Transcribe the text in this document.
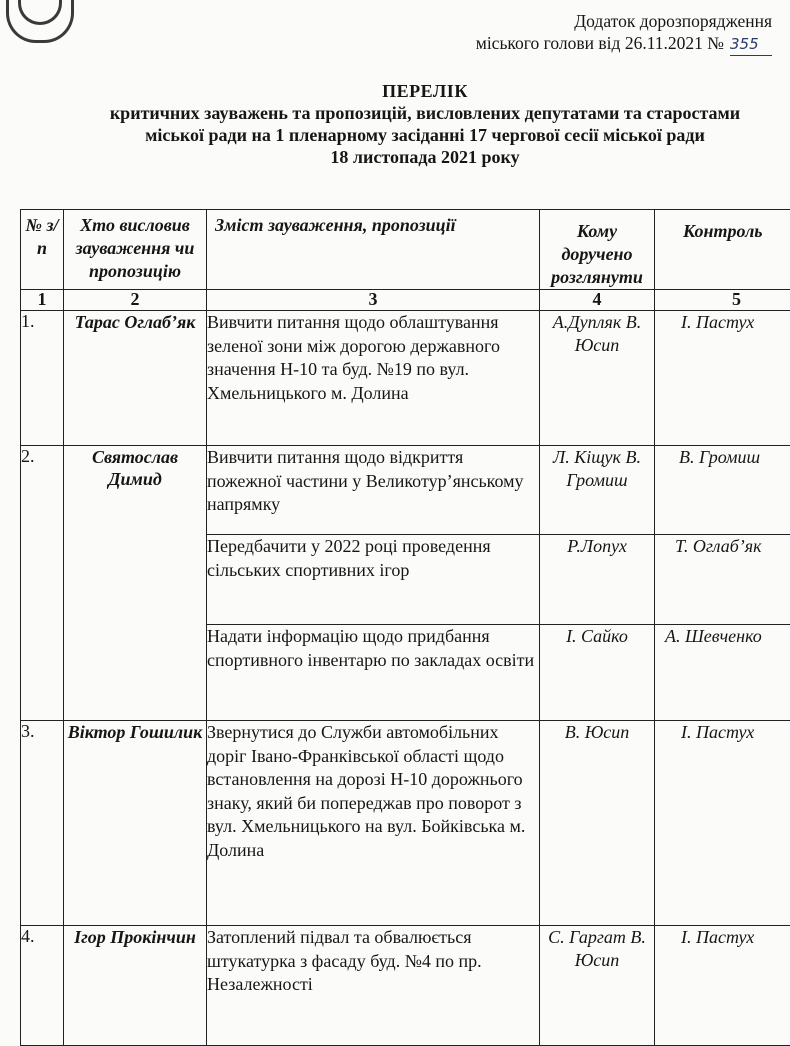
Додаток дорозпорядження
міського голови від 26.11.2021 № 355
ПЕРЕЛІК
критичних зауважень та пропозицій, висловлених депутатами та старостами
міської ради на 1 пленарному засіданні 17 чергової сесії міської ради
18 листопада 2021 року
№ з/ п	Хто висловив зауваження чи пропозицію	Зміст зауваження, пропозиції	Кому доручено розглянути	Контроль

1	2	3	4	5
1.	Тарас Оглаб’як	Вивчити питання щодо облаштування зеленої зони між дорогою державного значення Н-10 та буд. №19 по вул. Хмельницького м. Долина	А.Дупляк В. Юсип	І. Пастух
2.	Святослав Димид	Вивчити питання щодо відкриття пожежної частини у Великотур’янському напрямку	Л. Кіщук В. Громиш	В. Громиш
		Передбачити у 2022 році проведення сільських спортивних ігор	Р.Лопух	Т. Оглаб’як
		Надати інформацію щодо придбання спортивного інвентарю по закладах освіти	І. Сайко	А. Шевченко
3.	Віктор Гошилик	Звернутися до Служби автомобільних доріг Івано-Франківської області щодо встановлення на дорозі Н-10 дорожнього знаку, який би попереджав про поворот з вул. Хмельницького на вул. Бойківська м. Долина	В. Юсип	І. Пастух
4.	Ігор Прокінчин	Затоплений підвал та обвалюється штукатурка з фасаду буд. №4 по пр. Незалежності	С. Гаргат В. Юсип	І. Пастух
